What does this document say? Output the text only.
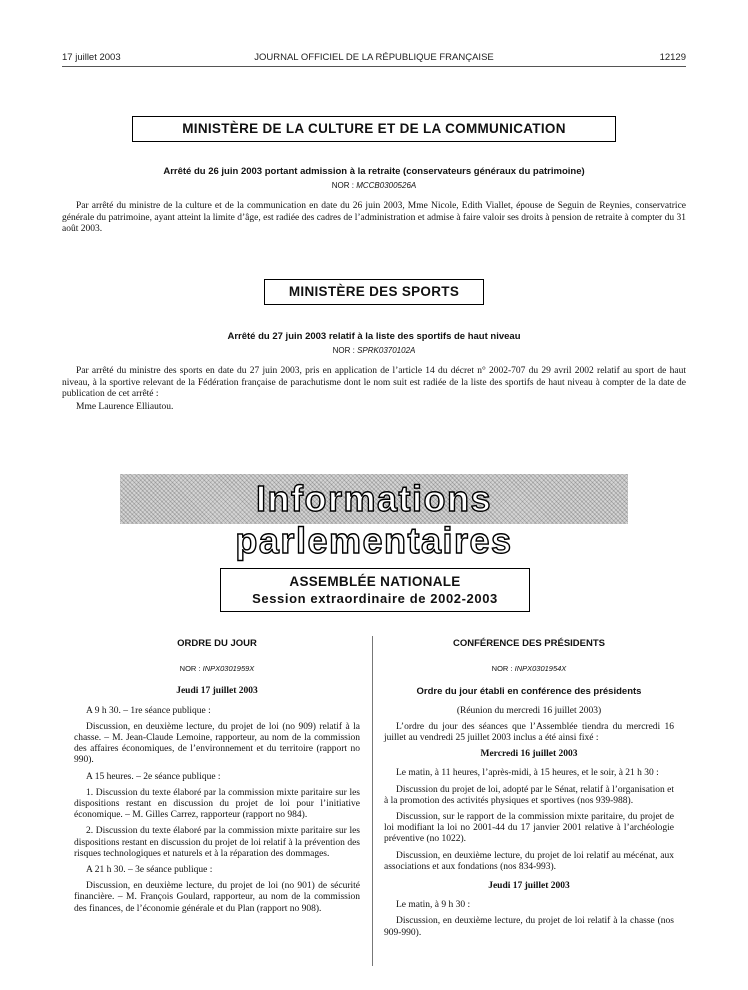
17 juillet 2003	JOURNAL OFFICIEL DE LA RÉPUBLIQUE FRANÇAISE	12129
MINISTÈRE DE LA CULTURE ET DE LA COMMUNICATION
Arrêté du 26 juin 2003 portant admission à la retraite (conservateurs généraux du patrimoine)
NOR : MCCB0300526A
Par arrêté du ministre de la culture et de la communication en date du 26 juin 2003, Mme Nicole, Edith Viallet, épouse de Seguin de Reynies, conservatrice générale du patrimoine, ayant atteint la limite d’âge, est radiée des cadres de l’administration et admise à faire valoir ses droits à pension de retraite à compter du 31 août 2003.
MINISTÈRE DES SPORTS
Arrêté du 27 juin 2003 relatif à la liste des sportifs de haut niveau
NOR : SPRK0370102A
Par arrêté du ministre des sports en date du 27 juin 2003, pris en application de l’article 14 du décret n° 2002-707 du 29 avril 2002 relatif au sport de haut niveau, à la sportive relevant de la Fédération française de parachutisme dont le nom suit est radiée de la liste des sportifs de haut niveau à compter de la date de publication de cet arrêté :
Mme Laurence Elliautou.
Informations parlementaires
ASSEMBLÉE NATIONALE
Session extraordinaire de 2002-2003

ORDRE DU JOUR

NOR : INPX0301959X

Jeudi 17 juillet 2003

A 9 h 30. – 1re séance publique :

Discussion, en deuxième lecture, du projet de loi (no 909) relatif à la chasse. – M. Jean-Claude Lemoine, rapporteur, au nom de la commission des affaires économiques, de l’environnement et du territoire (rapport no 990).

A 15 heures. – 2e séance publique :

1. Discussion du texte élaboré par la commission mixte paritaire sur les dispositions restant en discussion du projet de loi pour l’initiative économique. – M. Gilles Carrez, rapporteur (rapport no 984).

2. Discussion du texte élaboré par la commission mixte paritaire sur les dispositions restant en discussion du projet de loi relatif à la prévention des risques technologiques et naturels et à la réparation des dommages.

A 21 h 30. – 3e séance publique :

Discussion, en deuxième lecture, du projet de loi (no 901) de sécurité financière. – M. François Goulard, rapporteur, au nom de la commission des finances, de l’économie générale et du Plan (rapport no 908).

CONFÉRENCE DES PRÉSIDENTS

NOR : INPX0301954X

Ordre du jour établi en conférence des présidents

(Réunion du mercredi 16 juillet 2003)

L’ordre du jour des séances que l’Assemblée tiendra du mercredi 16 juillet au vendredi 25 juillet 2003 inclus a été ainsi fixé :

Mercredi 16 juillet 2003

Le matin, à 11 heures, l’après-midi, à 15 heures, et le soir, à 21 h 30 :

Discussion du projet de loi, adopté par le Sénat, relatif à l’organisation et à la promotion des activités physiques et sportives (nos 939-988).

Discussion, sur le rapport de la commission mixte paritaire, du projet de loi modifiant la loi no 2001-44 du 17 janvier 2001 relative à l’archéologie préventive (no 1022).

Discussion, en deuxième lecture, du projet de loi relatif au mécénat, aux associations et aux fondations (nos 834-993).

Jeudi 17 juillet 2003

Le matin, à 9 h 30 :

Discussion, en deuxième lecture, du projet de loi relatif à la chasse (nos 909-990).
